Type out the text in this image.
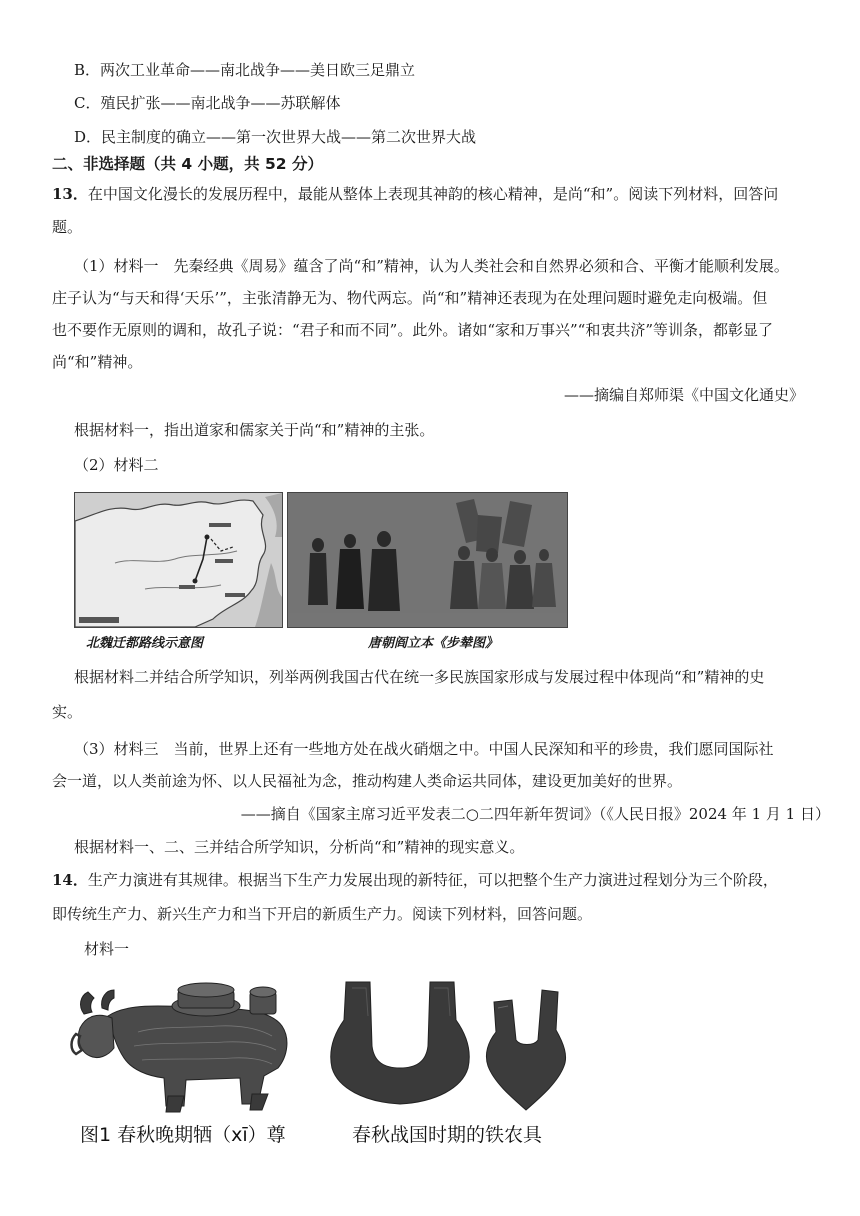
B．两次工业革命——南北战争——美日欧三足鼎立
C．殖民扩张——南北战争——苏联解体
D．民主制度的确立——第一次世界大战——第二次世界大战
二、非选择题（共 4 小题，共 52 分）
13．在中国文化漫长的发展历程中，最能从整体上表现其神韵的核心精神，是尚“和”。阅读下列材料，回答问
题。
（1）材料一　先秦经典《周易》蕴含了尚“和”精神，认为人类社会和自然界必须和合、平衡才能顺利发展。
庄子认为“与天和得‘天乐’”，主张清静无为、物代两忘。尚“和”精神还表现为在处理问题时避免走向极端。但
也不要作无原则的调和，故孔子说：“君子和而不同”。此外。诸如“家和万事兴”“和衷共济”等训条，都彰显了
尚“和”精神。
——摘编自郑师渠《中国文化通史》
根据材料一，指出道家和儒家关于尚“和”精神的主张。
（2）材料二
北魏迁都路线示意图	唐朝阎立本《步辇图》
根据材料二并结合所学知识，列举两例我国古代在统一多民族国家形成与发展过程中体现尚“和”精神的史
实。
（3）材料三　当前，世界上还有一些地方处在战火硝烟之中。中国人民深知和平的珍贵，我们愿同国际社
会一道，以人类前途为怀、以人民福祉为念，推动构建人类命运共同体，建设更加美好的世界。
——摘自《国家主席习近平发表二○二四年新年贺词》（《人民日报》2024 年 1 月 1 日）
根据材料一、二、三并结合所学知识，分析尚“和”精神的现实意义。
14．生产力演进有其规律。根据当下生产力发展出现的新特征，可以把整个生产力演进过程划分为三个阶段，
即传统生产力、新兴生产力和当下开启的新质生产力。阅读下列材料，回答问题。
材料一
图1 春秋晚期牺（xī）尊	春秋战国时期的铁农具
